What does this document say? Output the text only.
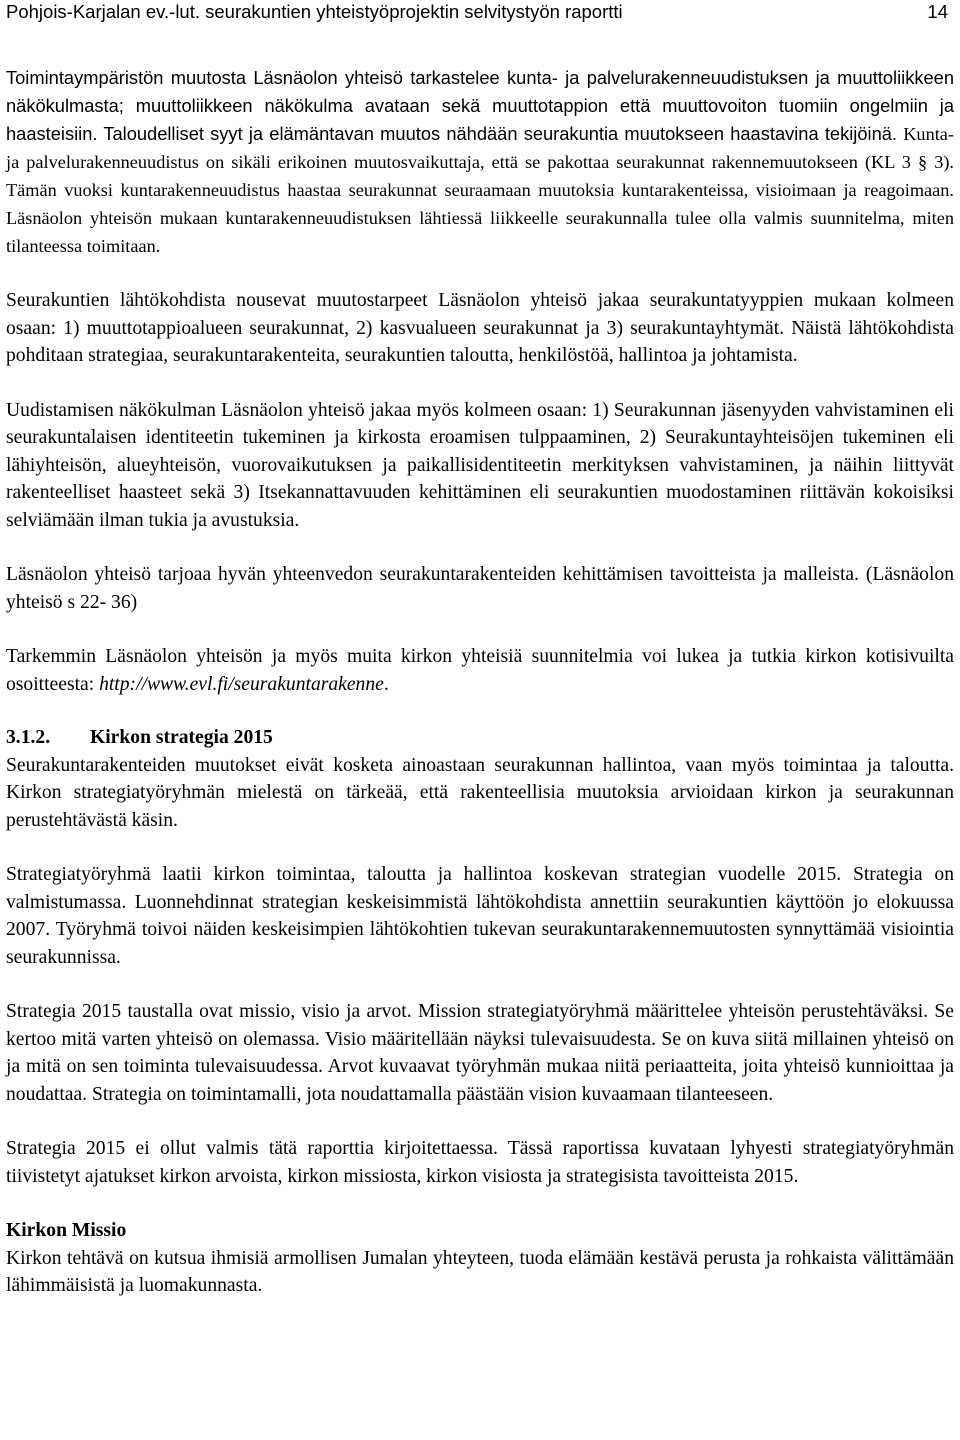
Pohjois-Karjalan ev.-lut. seurakuntien yhteistyöprojektin selvitystyön raportti	14

Toimintaympäristön muutosta Läsnäolon yhteisö tarkastelee kunta- ja palvelurakenneuudistuksen ja muuttoliikkeen näkökulmasta; muuttoliikkeen näkökulma avataan sekä muuttotappion että muuttovoiton tuomiin ongelmiin ja haasteisiin. Taloudelliset syyt ja elämäntavan muutos nähdään seurakuntia muutokseen haastavina tekijöinä. Kunta- ja palvelurakenneuudistus on sikäli erikoinen muutosvaikuttaja, että se pakottaa seurakunnat rakennemuutokseen (KL 3 § 3). Tämän vuoksi kuntarakenneuudistus haastaa seurakunnat seuraamaan muutoksia kuntarakenteissa, visioimaan ja reagoimaan. Läsnäolon yhteisön mukaan kuntarakenneuudistuksen lähtiessä liikkeelle seurakunnalla tulee olla valmis suunnitelma, miten tilanteessa toimitaan.

Seurakuntien lähtökohdista nousevat muutostarpeet Läsnäolon yhteisö jakaa seurakuntatyyppien mukaan kolmeen osaan: 1) muuttotappioalueen seurakunnat, 2) kasvualueen seurakunnat ja 3) seurakuntayhtymät. Näistä lähtökohdista pohditaan strategiaa, seurakuntarakenteita, seurakuntien taloutta, henkilöstöä, hallintoa ja johtamista.

Uudistamisen näkökulman Läsnäolon yhteisö jakaa myös kolmeen osaan: 1) Seurakunnan jäsenyyden vahvistaminen eli seurakuntalaisen identiteetin tukeminen ja kirkosta eroamisen tulppaaminen, 2) Seurakuntayhteisöjen tukeminen eli lähiyhteisön, alueyhteisön, vuorovaikutuksen ja paikallisidentiteetin merkityksen vahvistaminen, ja näihin liittyvät rakenteelliset haasteet sekä 3) Itsekannattavuuden kehittäminen eli seurakuntien muodostaminen riittävän kokoisiksi selviämään ilman tukia ja avustuksia.

Läsnäolon yhteisö tarjoaa hyvän yhteenvedon seurakuntarakenteiden kehittämisen tavoitteista ja malleista. (Läsnäolon yhteisö s 22- 36)

Tarkemmin Läsnäolon yhteisön ja myös muita kirkon yhteisiä suunnitelmia voi lukea ja tutkia kirkon kotisivuilta osoitteesta: http://www.evl.fi/seurakuntarakenne.

3.1.2. Kirkon strategia 2015

Seurakuntarakenteiden muutokset eivät kosketa ainoastaan seurakunnan hallintoa, vaan myös toimintaa ja taloutta. Kirkon strategiatyöryhmän mielestä on tärkeää, että rakenteellisia muutoksia arvioidaan kirkon ja seurakunnan perustehtävästä käsin.

Strategiatyöryhmä laatii kirkon toimintaa, taloutta ja hallintoa koskevan strategian vuodelle 2015. Strategia on valmistumassa. Luonnehdinnat strategian keskeisimmistä lähtökohdista annettiin seurakuntien käyttöön jo elokuussa 2007. Työryhmä toivoi näiden keskeisimpien lähtökohtien tukevan seurakuntarakennemuutosten synnyttämää visiointia seurakunnissa.

Strategia 2015 taustalla ovat missio, visio ja arvot. Mission strategiatyöryhmä määrittelee yhteisön perustehtäväksi. Se kertoo mitä varten yhteisö on olemassa. Visio määritellään näyksi tulevaisuudesta. Se on kuva siitä millainen yhteisö on ja mitä on sen toiminta tulevaisuudessa. Arvot kuvaavat työryhmän mukaa niitä periaatteita, joita yhteisö kunnioittaa ja noudattaa. Strategia on toimintamalli, jota noudattamalla päästään vision kuvaamaan tilanteeseen.

Strategia 2015 ei ollut valmis tätä raporttia kirjoitettaessa. Tässä raportissa kuvataan lyhyesti strategiatyöryhmän tiivistetyt ajatukset kirkon arvoista, kirkon missiosta, kirkon visiosta ja strategisista tavoitteista 2015.

Kirkon Missio

Kirkon tehtävä on kutsua ihmisiä armollisen Jumalan yhteyteen, tuoda elämään kestävä perusta ja rohkaista välittämään lähimmäisistä ja luomakunnasta.
